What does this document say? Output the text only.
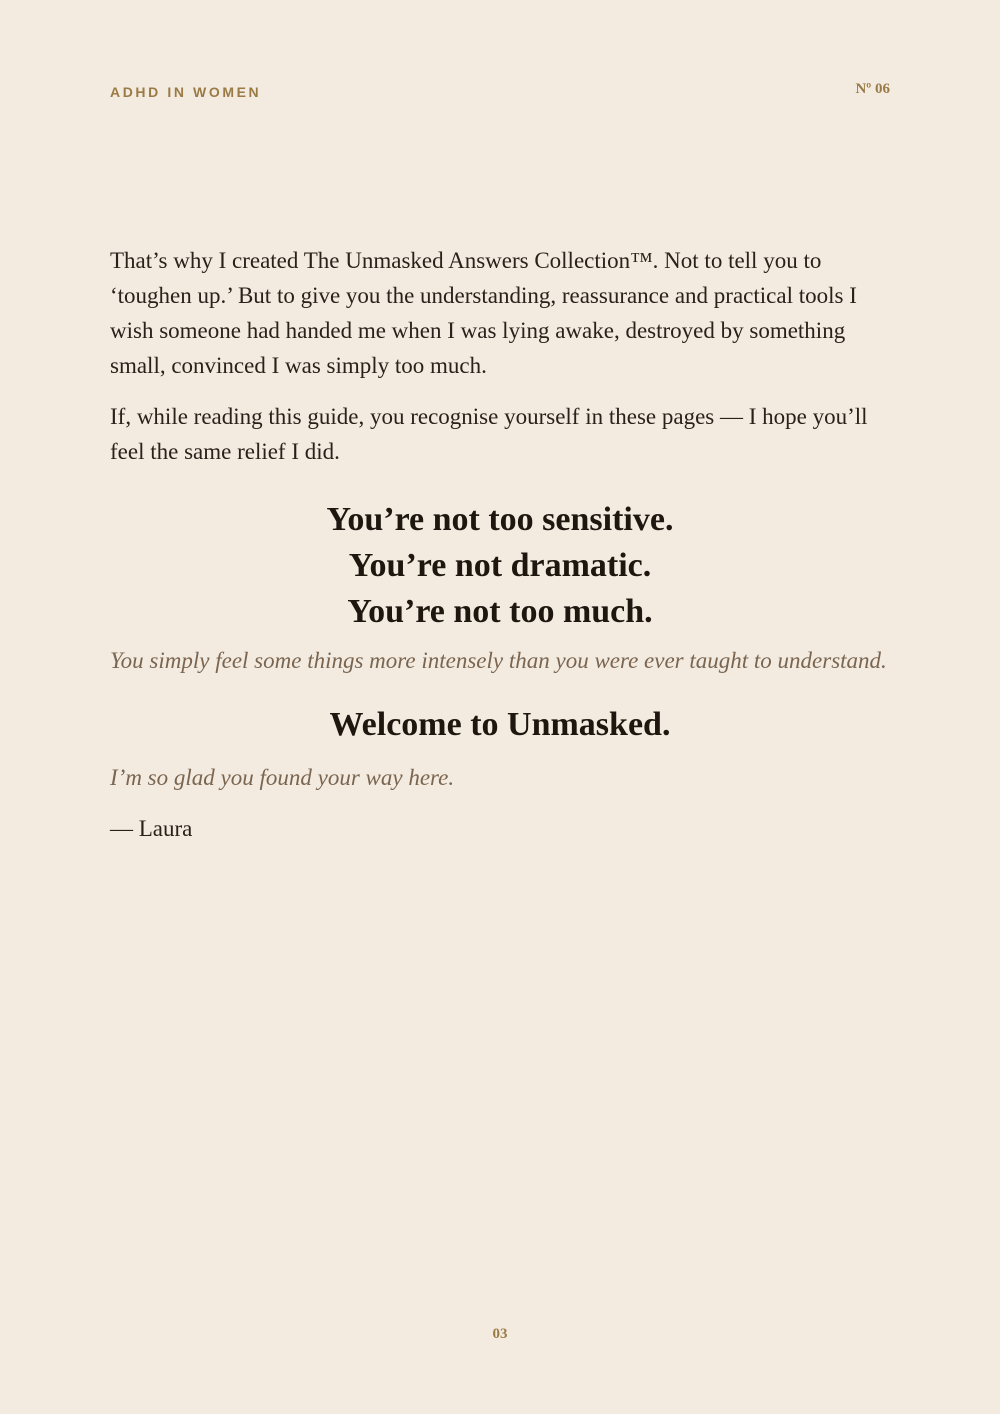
ADHD IN WOMEN	Nº 06

That’s why I created The Unmasked Answers Collection™. Not to tell you to ‘toughen up.’ But to give you the understanding, reassurance and practical tools I wish someone had handed me when I was lying awake, destroyed by something small, convinced I was simply too much.

If, while reading this guide, you recognise yourself in these pages — I hope you’ll feel the same relief I did.

You’re not too sensitive.
You’re not dramatic.
You’re not too much.
You simply feel some things more intensely than you were ever taught to understand.
Welcome to Unmasked.
I’m so glad you found your way here.
— Laura
03
